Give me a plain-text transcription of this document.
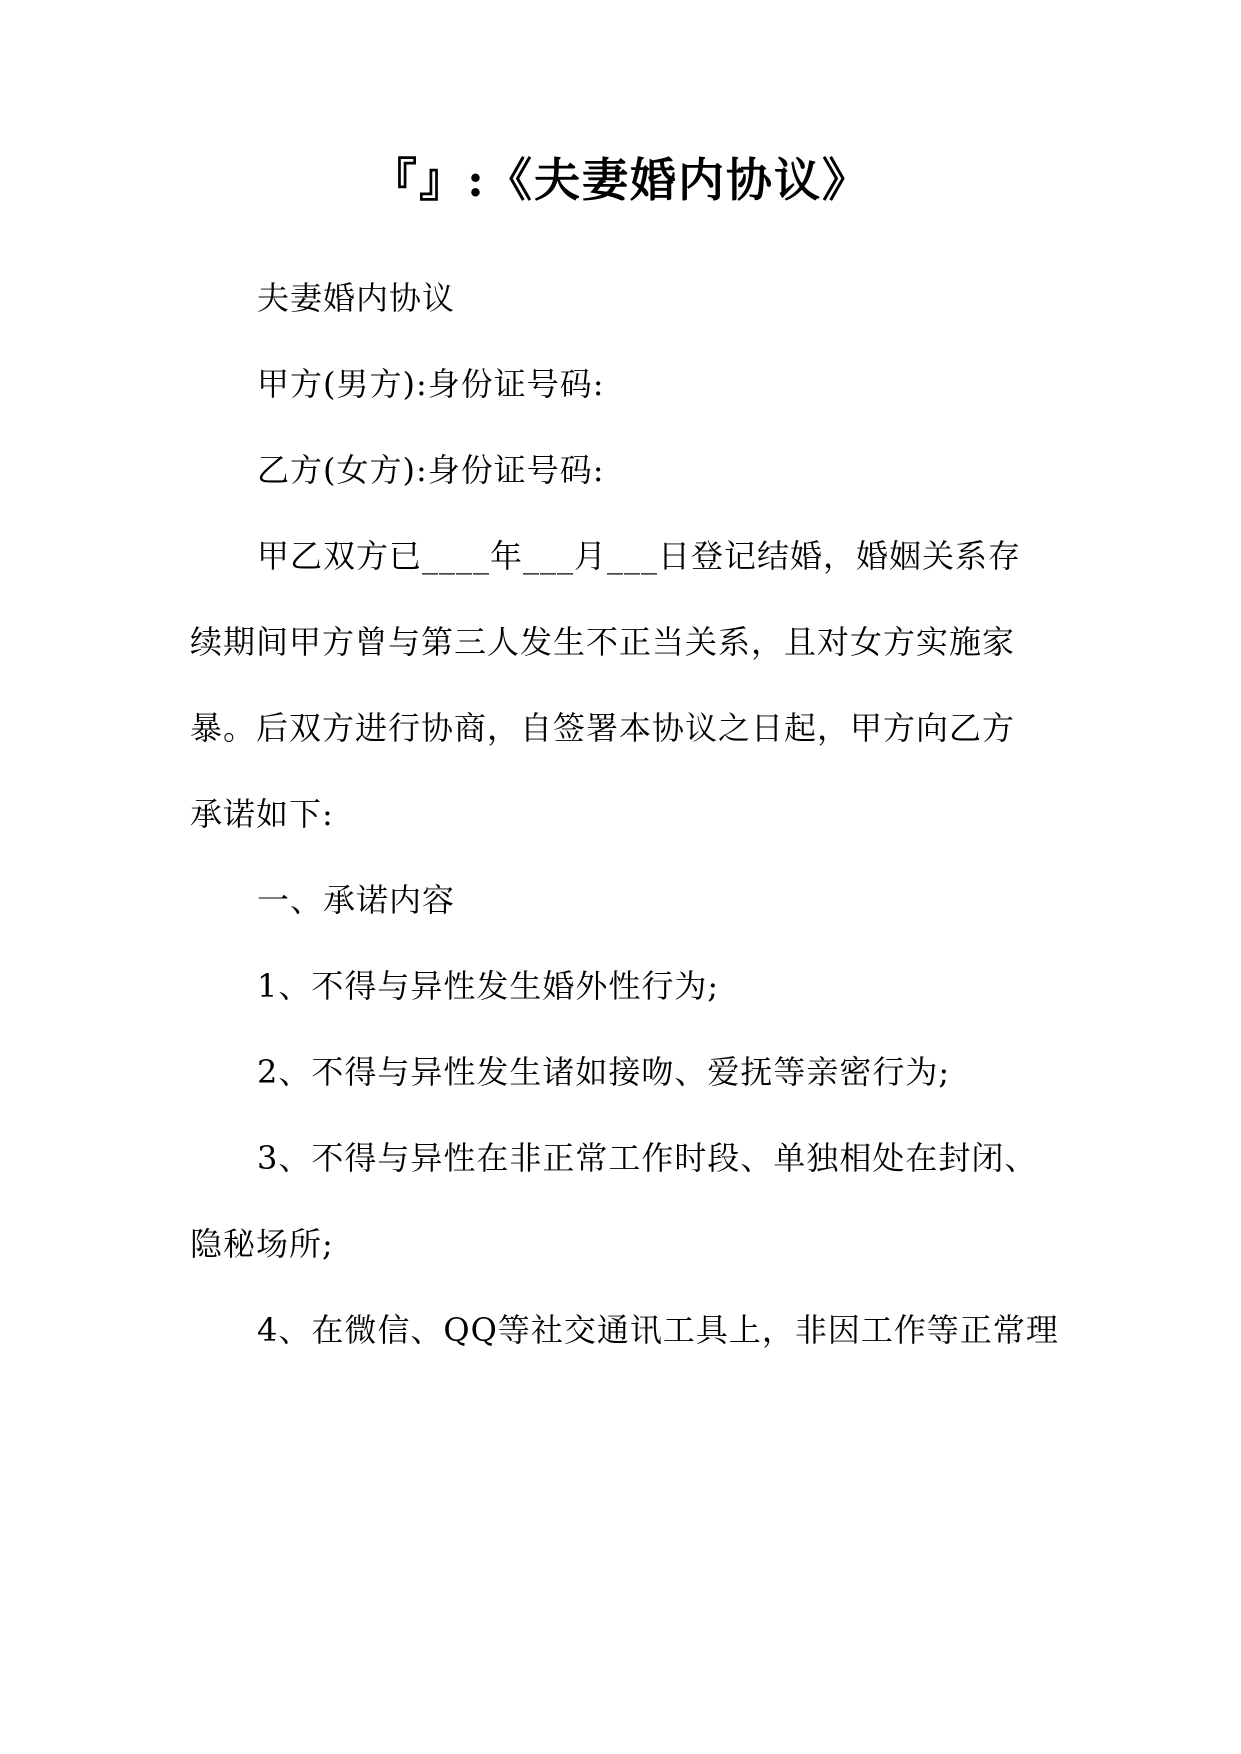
『』:《夫妻婚内协议》
夫妻婚内协议
甲方(男方):身份证号码:
乙方(女方):身份证号码:
甲乙双方已____年___月___日登记结婚，婚姻关系存
续期间甲方曾与第三人发生不正当关系，且对女方实施家
暴。后双方进行协商，自签署本协议之日起，甲方向乙方
承诺如下:
一、承诺内容
1、不得与异性发生婚外性行为;
2、不得与异性发生诸如接吻、爱抚等亲密行为;
3、不得与异性在非正常工作时段、单独相处在封闭、
隐秘场所;
4、在微信、QQ等社交通讯工具上，非因工作等正常理
